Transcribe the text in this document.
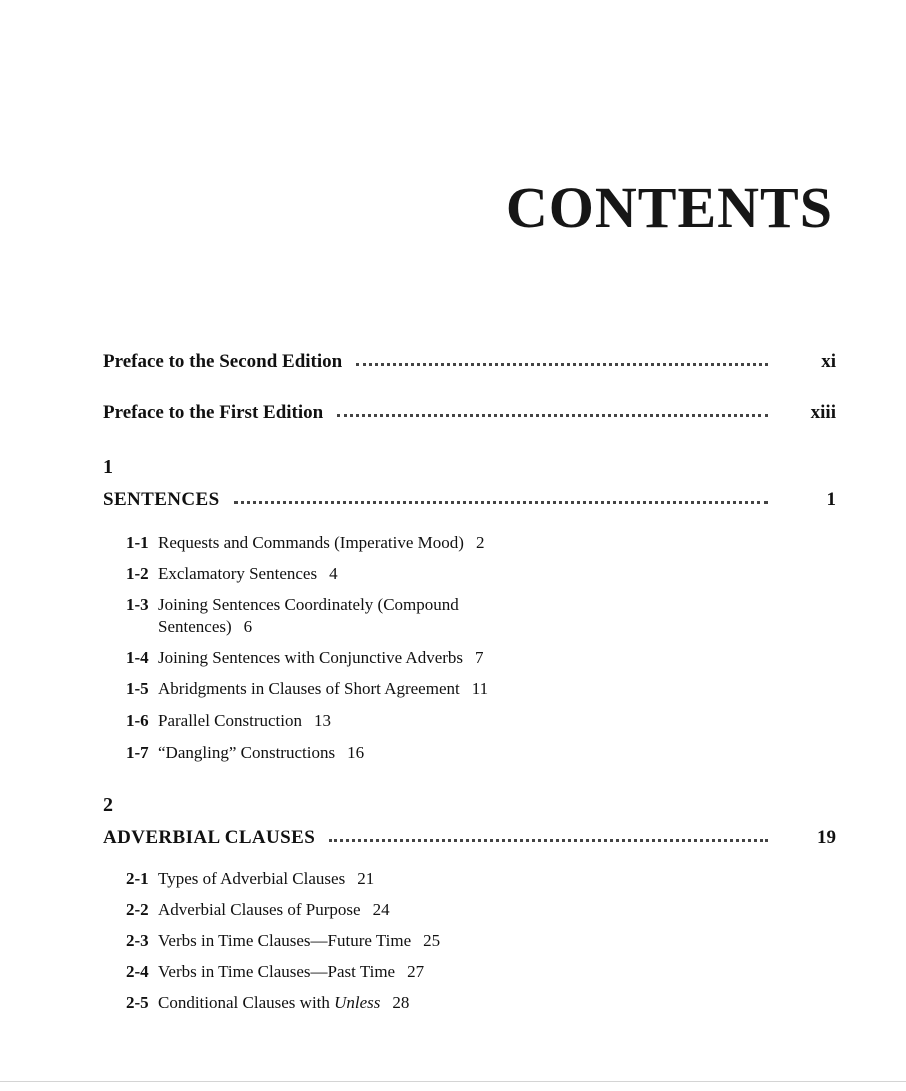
CONTENTS
Preface to the Second Edition	xi
Preface to the First Edition	xiii
1
SENTENCES	1
1-1 Requests and Commands (Imperative Mood) 2
1-2 Exclamatory Sentences 4
1-3 Joining Sentences Coordinately (Compound
Sentences) 6
1-4 Joining Sentences with Conjunctive Adverbs 7
1-5 Abridgments in Clauses of Short Agreement 11
1-6 Parallel Construction 13
1-7 “Dangling” Constructions 16
2
ADVERBIAL CLAUSES	19
2-1 Types of Adverbial Clauses 21
2-2 Adverbial Clauses of Purpose 24
2-3 Verbs in Time Clauses—Future Time 25
2-4 Verbs in Time Clauses—Past Time 27
2-5 Conditional Clauses with Unless 28
